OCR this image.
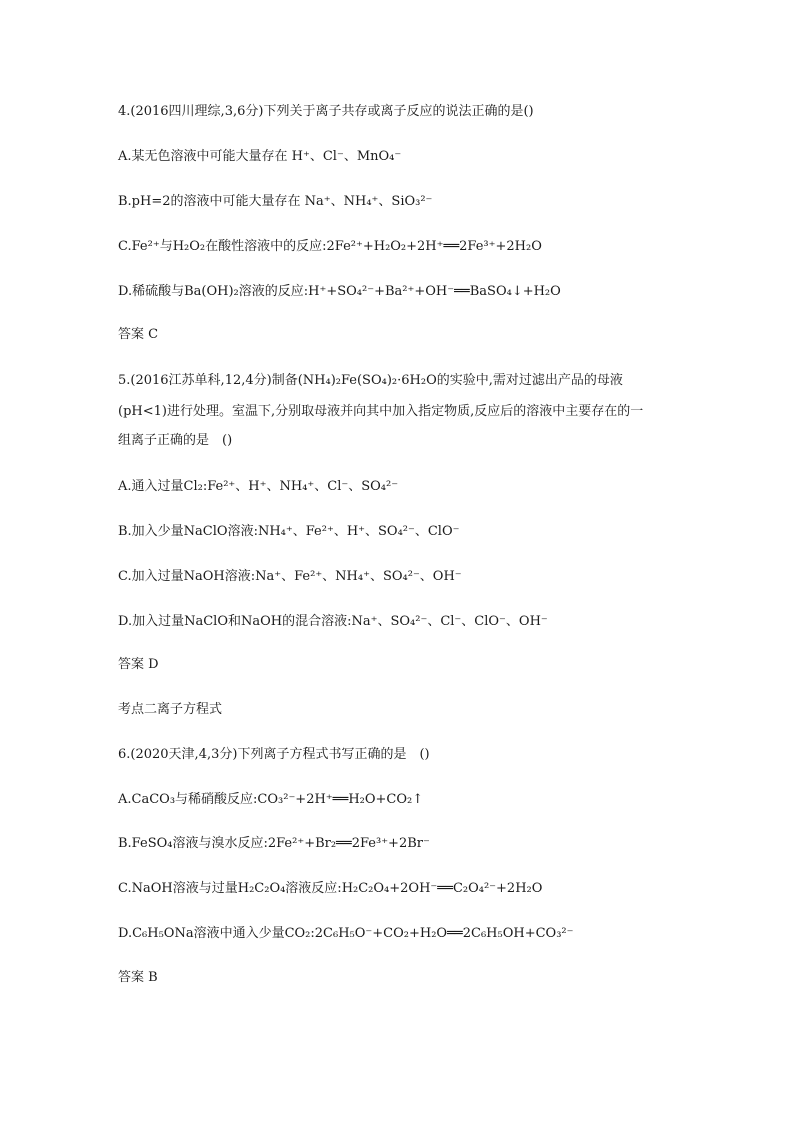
4.(2016四川理综,3,6分)下列关于离子共存或离子反应的说法正确的是()
A.某无色溶液中可能大量存在 H⁺、Cl⁻、MnO₄⁻
B.pH=2的溶液中可能大量存在 Na⁺、NH₄⁺、SiO₃²⁻
C.Fe²⁺与H₂O₂在酸性溶液中的反应:2Fe²⁺+H₂O₂+2H⁺══2Fe³⁺+2H₂O
D.稀硫酸与Ba(OH)₂溶液的反应:H⁺+SO₄²⁻+Ba²⁺+OH⁻══BaSO₄↓+H₂O
答案 C
5.(2016江苏单科,12,4分)制备(NH₄)₂Fe(SO₄)₂·6H₂O的实验中,需对过滤出产品的母液
(pH<1)进行处理。室温下,分别取母液并向其中加入指定物质,反应后的溶液中主要存在的一
组离子正确的是　()
A.通入过量Cl₂:Fe²⁺、H⁺、NH₄⁺、Cl⁻、SO₄²⁻
B.加入少量NaClO溶液:NH₄⁺、Fe²⁺、H⁺、SO₄²⁻、ClO⁻
C.加入过量NaOH溶液:Na⁺、Fe²⁺、NH₄⁺、SO₄²⁻、OH⁻
D.加入过量NaClO和NaOH的混合溶液:Na⁺、SO₄²⁻、Cl⁻、ClO⁻、OH⁻
答案 D
考点二离子方程式
6.(2020天津,4,3分)下列离子方程式书写正确的是　()
A.CaCO₃与稀硝酸反应:CO₃²⁻+2H⁺══H₂O+CO₂↑
B.FeSO₄溶液与溴水反应:2Fe²⁺+Br₂══2Fe³⁺+2Br⁻
C.NaOH溶液与过量H₂C₂O₄溶液反应:H₂C₂O₄+2OH⁻══C₂O₄²⁻+2H₂O
D.C₆H₅ONa溶液中通入少量CO₂:2C₆H₅O⁻+CO₂+H₂O══2C₆H₅OH+CO₃²⁻
答案 B
